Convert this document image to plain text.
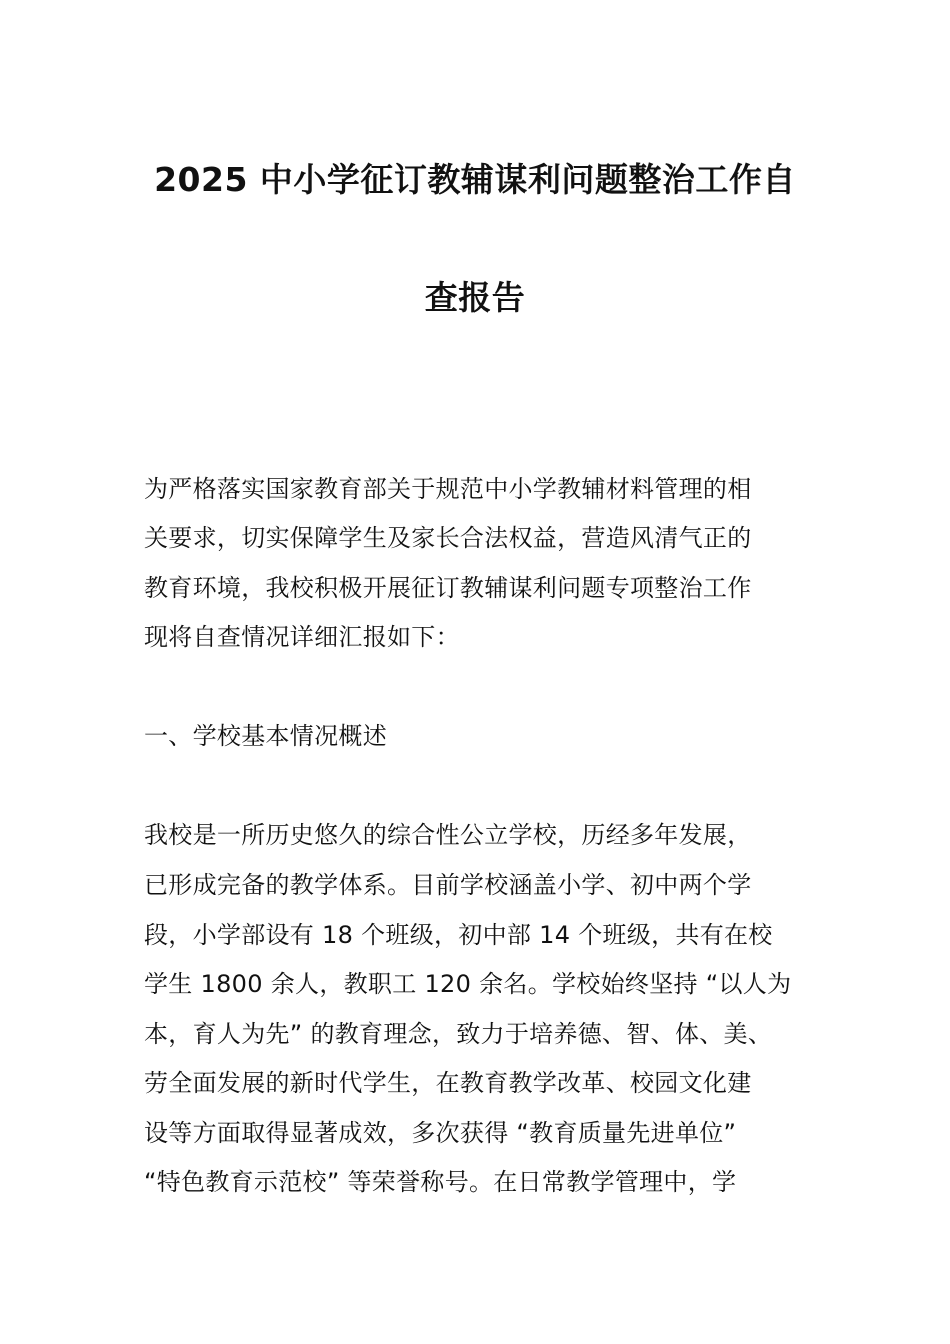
2025 中小学征订教辅谋利问题整治工作自
查报告
为严格落实国家教育部关于规范中小学教辅材料管理的相
关要求，切实保障学生及家长合法权益，营造风清气正的
教育环境，我校积极开展征订教辅谋利问题专项整治工作
现将自查情况详细汇报如下：
一、学校基本情况概述
我校是一所历史悠久的综合性公立学校，历经多年发展，
已形成完备的教学体系。目前学校涵盖小学、初中两个学
段，小学部设有 18 个班级，初中部 14 个班级，共有在校
学生 1800 余人，教职工 120 余名。学校始终坚持 “以人为
本，育人为先” 的教育理念，致力于培养德、智、体、美、
劳全面发展的新时代学生，在教育教学改革、校园文化建
设等方面取得显著成效，多次获得 “教育质量先进单位”
“特色教育示范校” 等荣誉称号。在日常教学管理中，学
